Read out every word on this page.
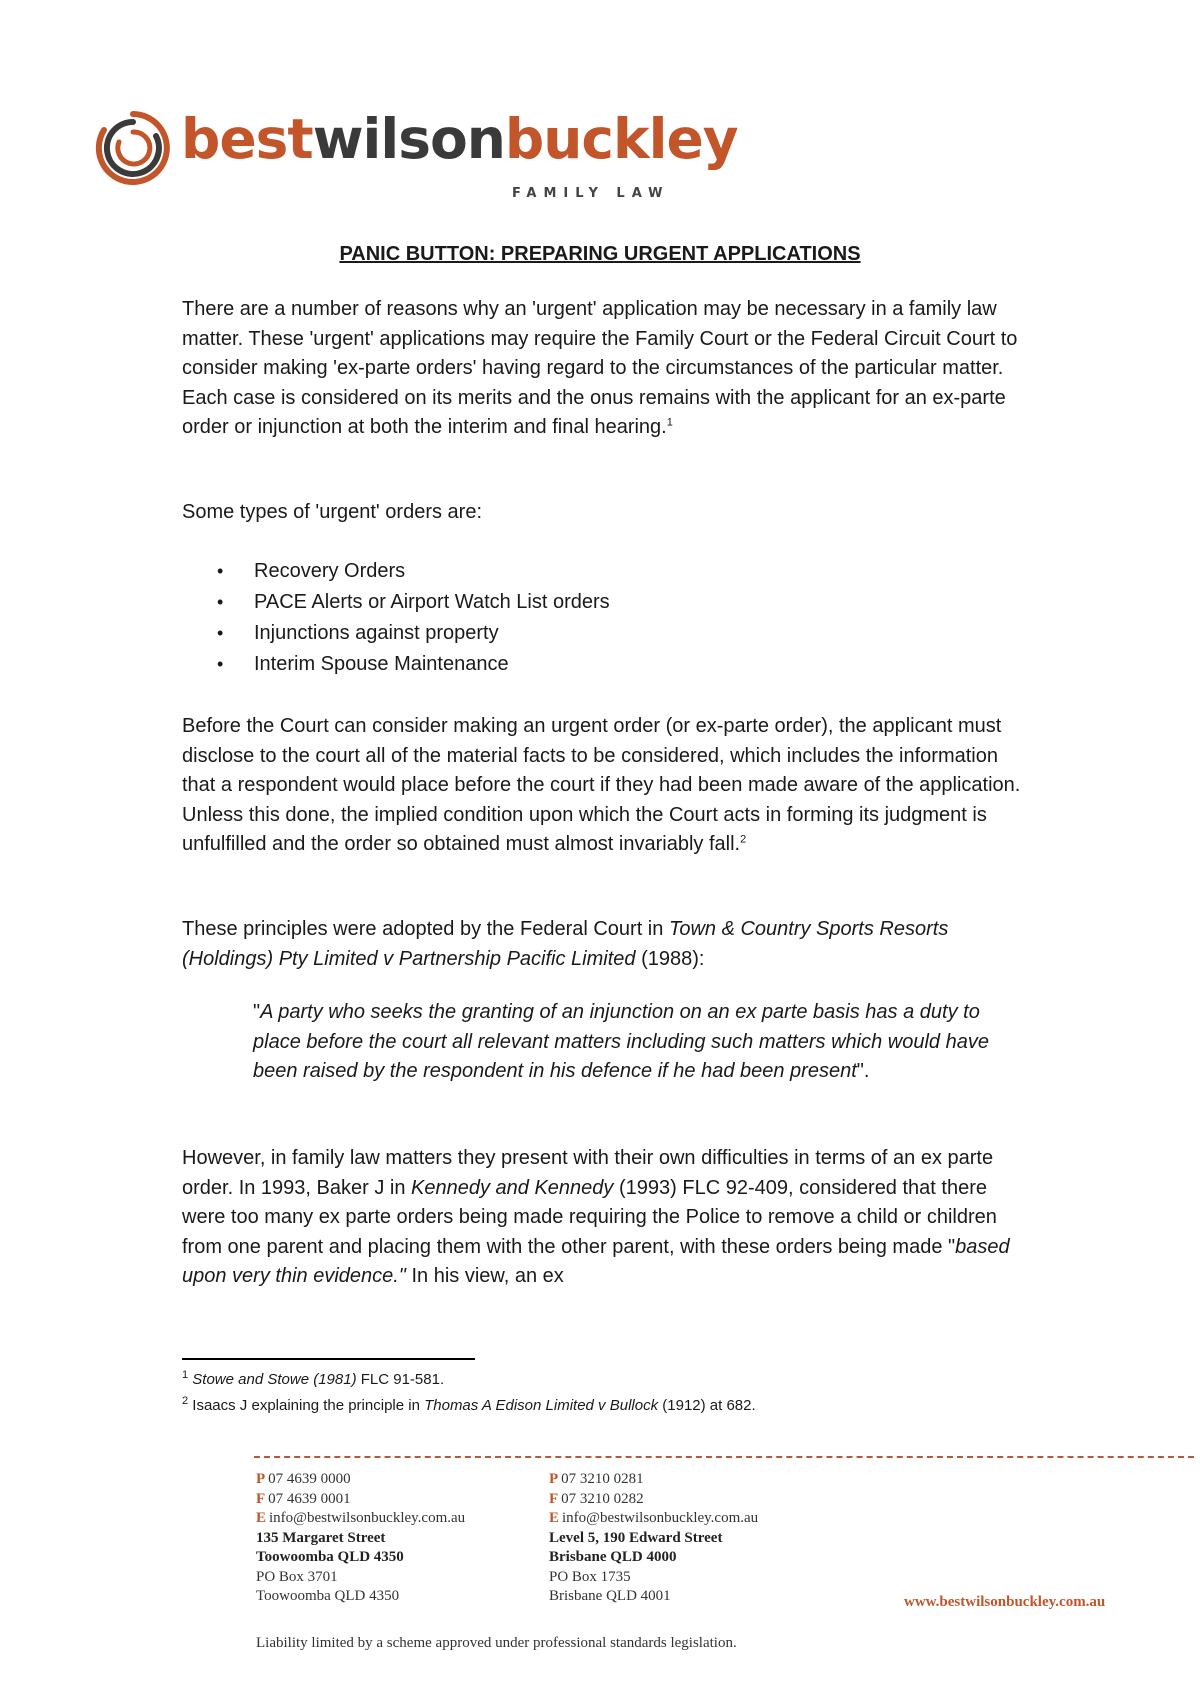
bestwilsonbuckley
FAMILY LAW
PANIC BUTTON: PREPARING URGENT APPLICATIONS

There are a number of reasons why an 'urgent' application may be necessary in a family law matter. These 'urgent' applications may require the Family Court or the Federal Circuit Court to consider making 'ex-parte orders' having regard to the circumstances of the particular matter. Each case is considered on its merits and the onus remains with the applicant for an ex-parte order or injunction at both the interim and final hearing.$^1$

Some types of 'urgent' orders are:

• Recovery Orders
• PACE Alerts or Airport Watch List orders
• Injunctions against property
• Interim Spouse Maintenance

Before the Court can consider making an urgent order (or ex-parte order), the applicant must disclose to the court all of the material facts to be considered, which includes the information that a respondent would place before the court if they had been made aware of the application. Unless this done, the implied condition upon which the Court acts in forming its judgment is unfulfilled and the order so obtained must almost invariably fall.$^2$

These principles were adopted by the Federal Court in Town & Country Sports Resorts (Holdings) Pty Limited v Partnership Pacific Limited (1988):

"A party who seeks the granting of an injunction on an ex parte basis has a duty to place before the court all relevant matters including such matters which would have been raised by the respondent in his defence if he had been present".

However, in family law matters they present with their own difficulties in terms of an ex parte order. In 1993, Baker J in Kennedy and Kennedy (1993) FLC 92-409, considered that there were too many ex parte orders being made requiring the Police to remove a child or children from one parent and placing them with the other parent, with these orders being made "based upon very thin evidence." In his view, an ex

$^1$ Stowe and Stowe (1981) FLC 91-581.
$^2$ Isaacs J explaining the principle in Thomas A Edison Limited v Bullock (1912) at 682.
P 07 4639 0000
F 07 4639 0001
E info@bestwilsonbuckley.com.au
135 Margaret Street
Toowoomba QLD 4350
PO Box 3701
Toowoomba QLD 4350
P 07 3210 0281
F 07 3210 0282
E info@bestwilsonbuckley.com.au
Level 5, 190 Edward Street
Brisbane QLD 4000
PO Box 1735
Brisbane QLD 4001	www.bestwilsonbuckley.com.au
Liability limited by a scheme approved under professional standards legislation.
